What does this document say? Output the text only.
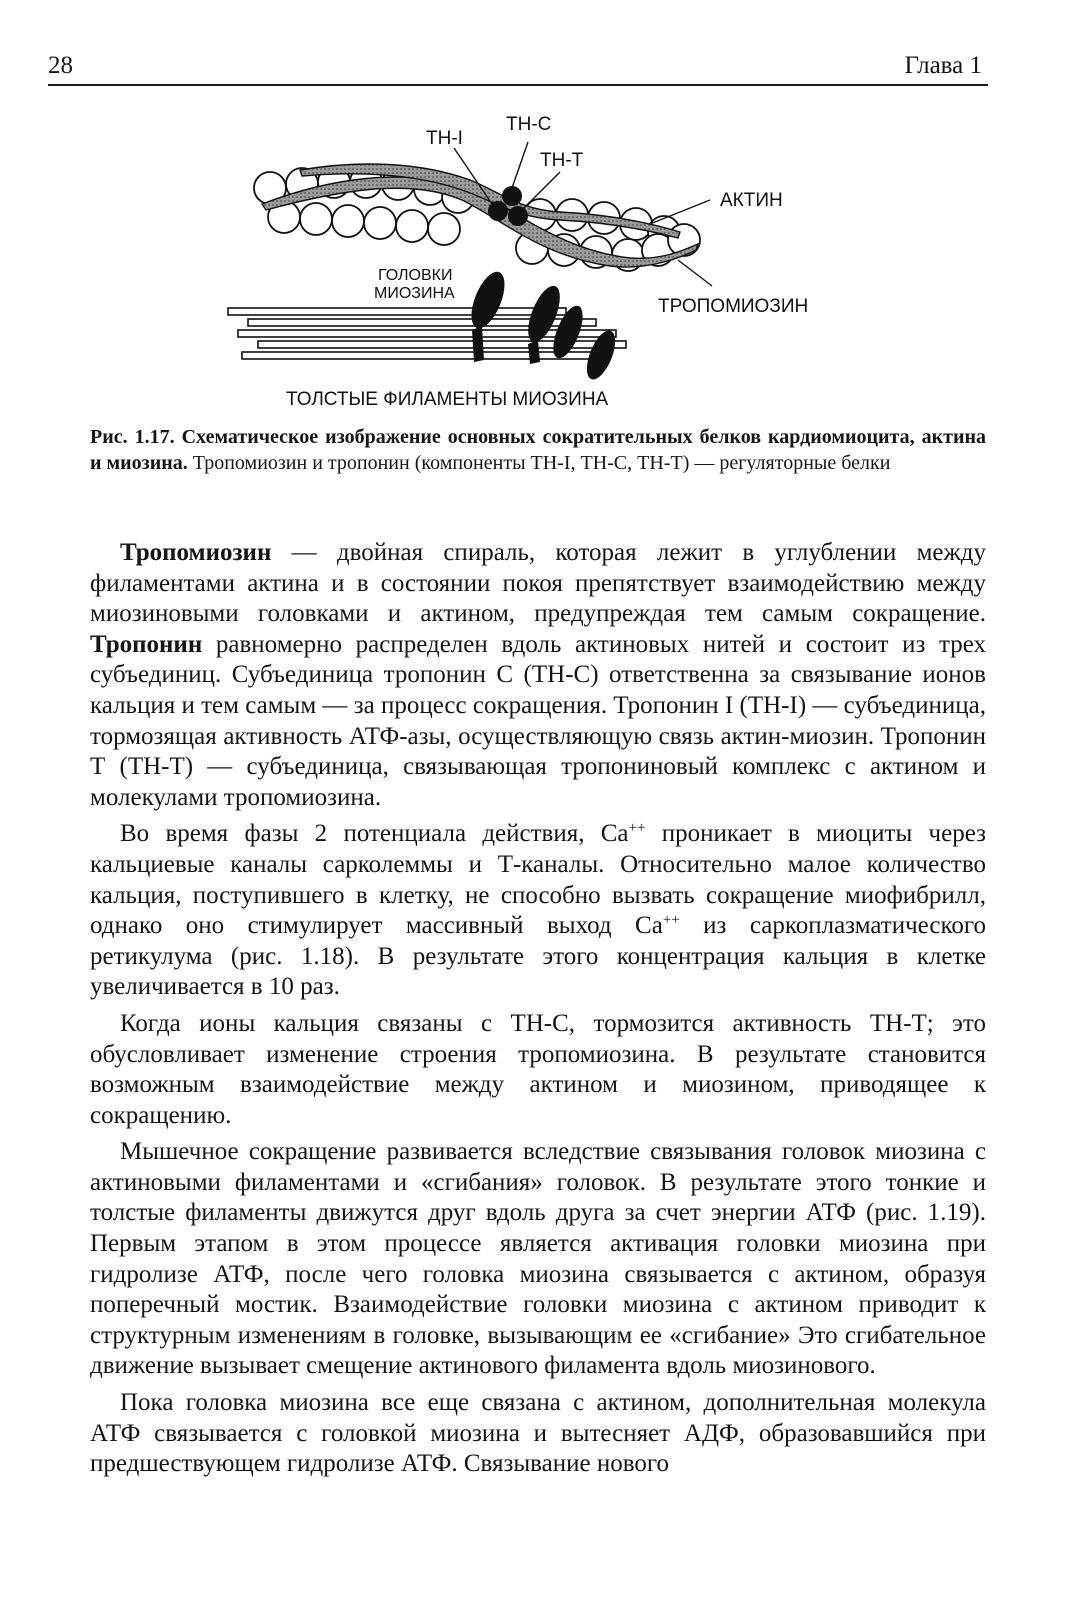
28	Глава 1
ТН-I
ТН-С
ТН-Т
АКТИН
ГОЛОВКИ
МИОЗИНА
ТРОПОМИОЗИН
ТОЛСТЫЕ ФИЛАМЕНТЫ МИОЗИНА

Рис. 1.17. Схематическое изображение основных сократительных белков кардиомиоцита, актина и миозина. Тропомиозин и тропонин (компоненты ТН-I, ТН-С, ТН-Т) — регуляторные белки

Тропомиозин — двойная спираль, которая лежит в углублении между филаментами актина и в состоянии покоя препятствует взаимодействию между миозиновыми головками и актином, предупреждая тем самым сокращение. Тропонин равномерно распределен вдоль актиновых нитей и состоит из трех субъединиц. Субъединица тропонин С (ТН-С) ответственна за связывание ионов кальция и тем самым — за процесс сокращения. Тропонин I (ТН-I) — субъединица, тормозящая активность АТФ-азы, осуществляющую связь актин-миозин. Тропонин Т (ТН-Т) — субъединица, связывающая тропониновый комплекс с актином и молекулами тропомиозина.

Во время фазы 2 потенциала действия, Са++ проникает в миоциты через кальциевые каналы сарколеммы и Т-каналы. Относительно малое количество кальция, поступившего в клетку, не способно вызвать сокращение миофибрилл, однако оно стимулирует массивный выход Са++ из саркоплазматического ретикулума (рис. 1.18). В результате этого концентрация кальция в клетке увеличивается в 10 раз.

Когда ионы кальция связаны с ТН-С, тормозится активность ТН-Т; это обусловливает изменение строения тропомиозина. В результате становится возможным взаимодействие между актином и миозином, приводящее к сокращению.

Мышечное сокращение развивается вследствие связывания головок миозина с актиновыми филаментами и «сгибания» головок. В результате этого тонкие и толстые филаменты движутся друг вдоль друга за счет энергии АТФ (рис. 1.19). Первым этапом в этом процессе является активация головки миозина при гидролизе АТФ, после чего головка миозина связывается с актином, образуя поперечный мостик. Взаимодействие головки миозина с актином приводит к структурным изменениям в головке, вызывающим ее «сгибание» Это сгибательное движение вызывает смещение актинового филамента вдоль миозинового.

Пока головка миозина все еще связана с актином, дополнительная молекула АТФ связывается с головкой миозина и вытесняет АДФ, образовавшийся при предшествующем гидролизе АТФ. Связывание нового
